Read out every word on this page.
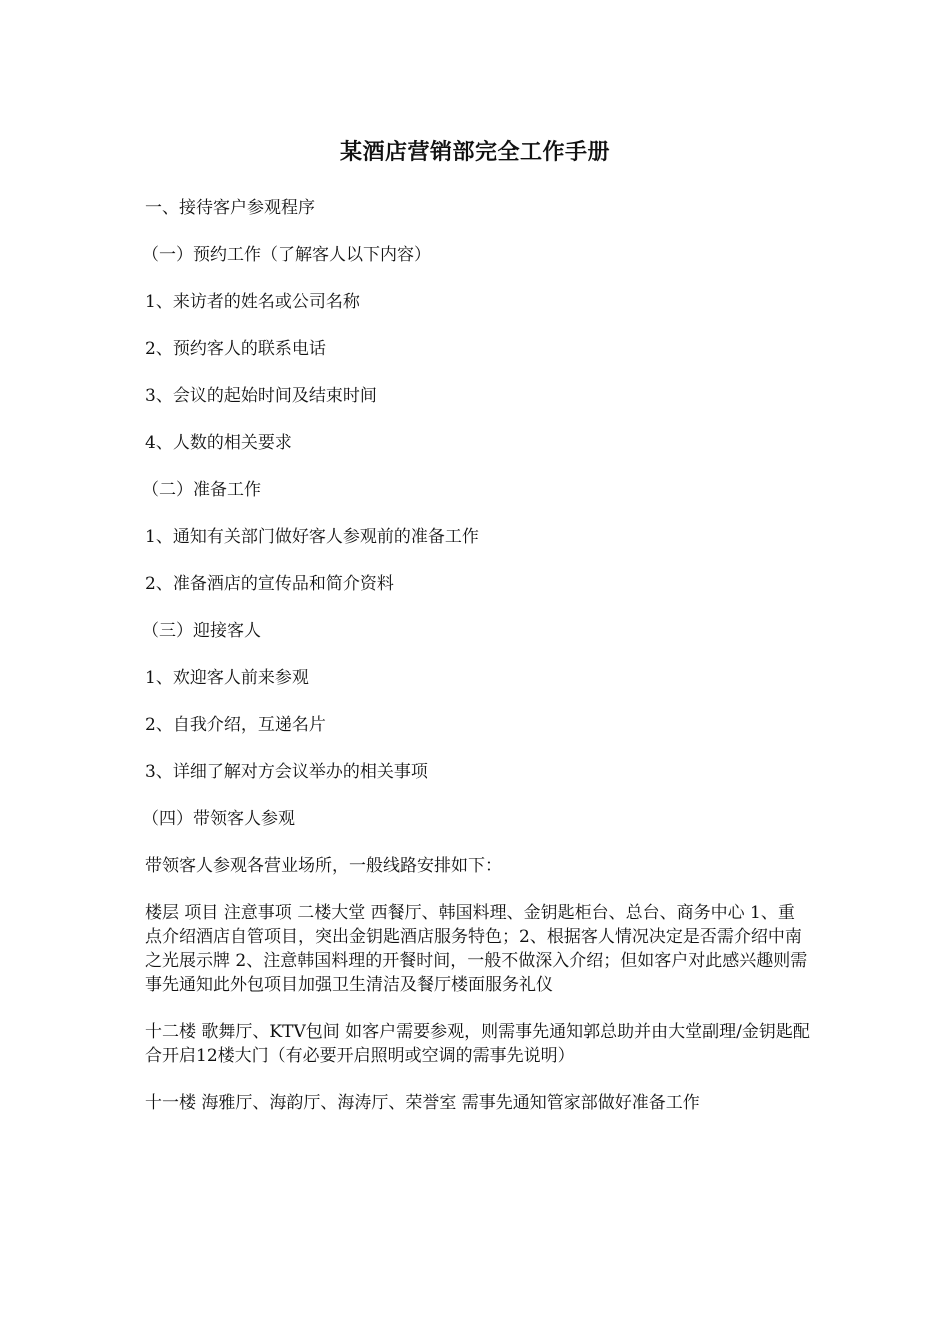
某酒店营销部完全工作手册

一、接待客户参观程序

（一）预约工作（了解客人以下内容）

1、来访者的姓名或公司名称

2、预约客人的联系电话

3、会议的起始时间及结束时间

4、人数的相关要求

（二）准备工作

1、通知有关部门做好客人参观前的准备工作

2、准备酒店的宣传品和简介资料

（三）迎接客人

1、欢迎客人前来参观

2、自我介绍，互递名片

3、详细了解对方会议举办的相关事项

（四）带领客人参观

带领客人参观各营业场所，一般线路安排如下：

楼层 项目 注意事项 二楼大堂 西餐厅、韩国料理、金钥匙柜台、总台、商务中心 1、重点介绍酒店自管项目，突出金钥匙酒店服务特色；2、根据客人情况决定是否需介绍中南之光展示牌 2、注意韩国料理的开餐时间，一般不做深入介绍；但如客户对此感兴趣则需事先通知此外包项目加强卫生清洁及餐厅楼面服务礼仪

十二楼 歌舞厅、KTV包间 如客户需要参观，则需事先通知郭总助并由大堂副理/金钥匙配合开启12楼大门（有必要开启照明或空调的需事先说明）

十一楼 海雅厅、海韵厅、海涛厅、荣誉室 需事先通知管家部做好准备工作
